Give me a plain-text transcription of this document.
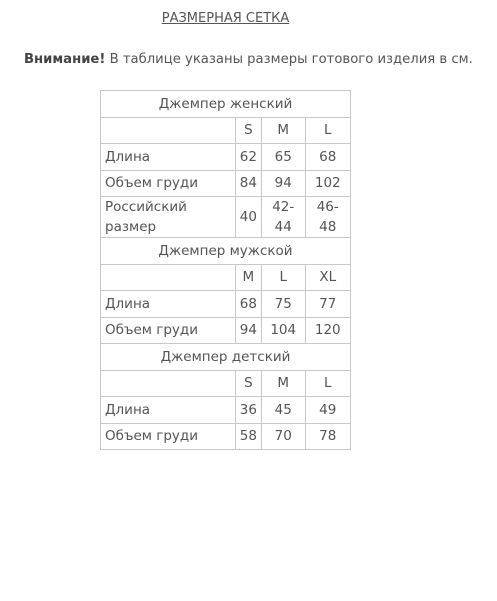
РАЗМЕРНАЯ СЕТКА
Внимание! В таблице указаны размеры готового изделия в см.
Джемпер женский			
	S	M	L
Длина	62	65	68
Объем груди	84	94	102
Российский размер	40	42-44	46-48
Джемпер мужской			
	M	L	XL
Длина	68	75	77
Объем груди	94	104	120
Джемпер детский			
	S	M	L
Длина	36	45	49
Объем груди	58	70	78
